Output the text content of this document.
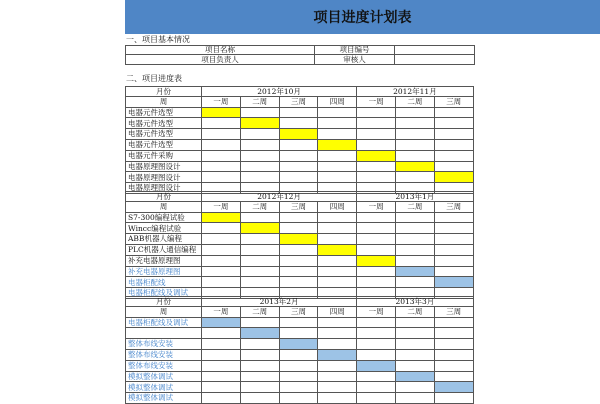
项目进度计划表
一、项目基本情况
项目名称	项目编号
项目负责人	审核人
二、项目进度表
月份	2012年10月	2012年11月
周	一周	二周	三周	四周	一周	二周	三周
电器元件选型
电器元件选型
电器元件选型
电器元件选型
电器元件采购
电器原理图设计
电器原理图设计
电器原理图设计
月份	2012年12月	2013年1月
周	一周	二周	三周	四周	一周	二周	三周
S7-300编程试验
Wincc编程试验
ABB机器人编程
PLC机器人通信编程
补充电器原理图
补充电器原理图
电器柜配线
电器柜配线及调试
月份	2013年2月	2013年3月
周	一周	二周	三周	四周	一周	二周	三周
电器柜配线及调试
整体布线安装
整体布线安装
整体布线安装
模拟整体调试
模拟整体调试
模拟整体调试
